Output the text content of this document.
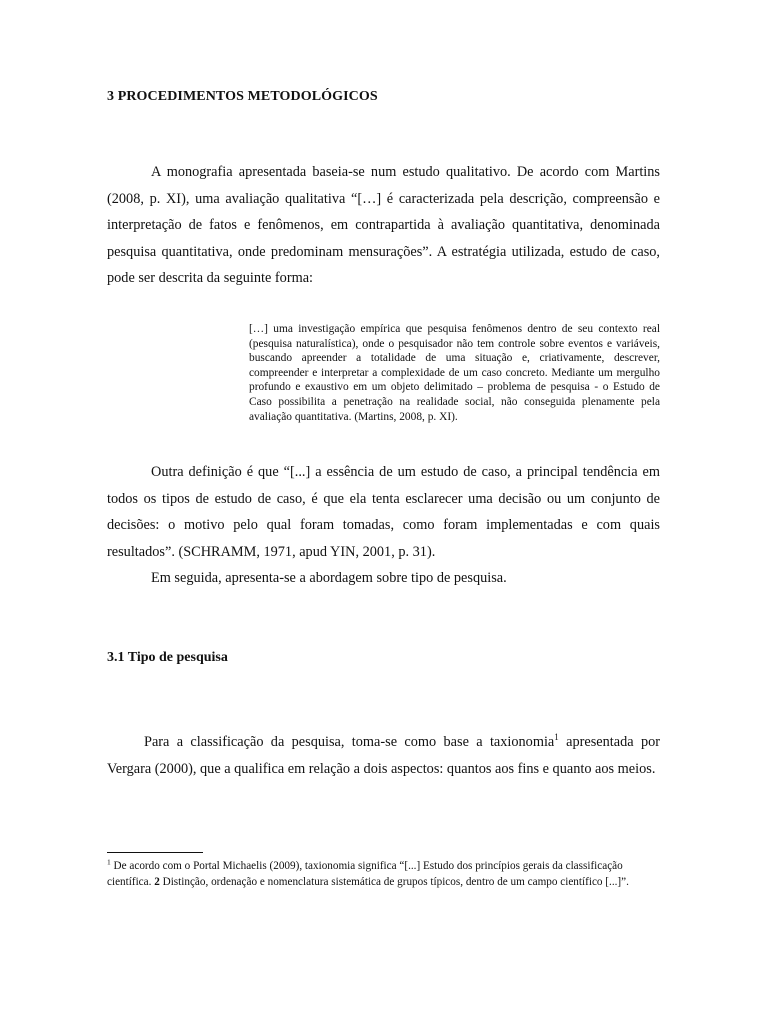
3 PROCEDIMENTOS METODOLÓGICOS

A monografia apresentada baseia-se num estudo qualitativo. De acordo com Martins (2008, p. XI), uma avaliação qualitativa “[…] é caracterizada pela descrição, compreensão e interpretação de fatos e fenômenos, em contrapartida à avaliação quantitativa, denominada pesquisa quantitativa, onde predominam mensurações”. A estratégia utilizada, estudo de caso, pode ser descrita da seguinte forma:

[…] uma investigação empírica que pesquisa fenômenos dentro de seu contexto real (pesquisa naturalística), onde o pesquisador não tem controle sobre eventos e variáveis, buscando apreender a totalidade de uma situação e, criativamente, descrever, compreender e interpretar a complexidade de um caso concreto. Mediante um mergulho profundo e exaustivo em um objeto delimitado – problema de pesquisa - o Estudo de Caso possibilita a penetração na realidade social, não conseguida plenamente pela avaliação quantitativa. (Martins, 2008, p. XI).

Outra definição é que “[...] a essência de um estudo de caso, a principal tendência em todos os tipos de estudo de caso, é que ela tenta esclarecer uma decisão ou um conjunto de decisões: o motivo pelo qual foram tomadas, como foram implementadas e com quais resultados”. (SCHRAMM, 1971, apud YIN, 2001, p. 31).

Em seguida, apresenta-se a abordagem sobre tipo de pesquisa.

3.1 Tipo de pesquisa

Para a classificação da pesquisa, toma-se como base a taxionomia$^1$ apresentada por Vergara (2000), que a qualifica em relação a dois aspectos: quantos aos fins e quanto aos meios.

$^1$ De acordo com o Portal Michaelis (2009), taxionomia significa “[...] Estudo dos princípios gerais da classificação científica. 2 Distinção, ordenação e nomenclatura sistemática de grupos típicos, dentro de um campo científico [...]”.
